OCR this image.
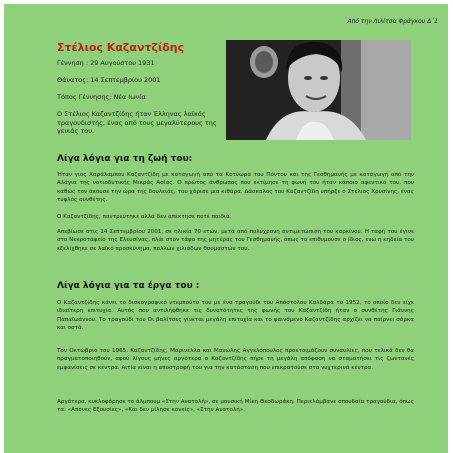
Από την Λιλίτσα Φράγκου Δ΄1
Στέλιος Καζαντζίδης
Γέννηση : 29 Αυγούστου 1931
Θάνατος: 14 Σεπτεμβρίου 2001
Τόπος Γέννησης: Νέα Ιωνία
Ο Στέλιος Καζαντζίδης ήταν Έλληνας λαϊκός τραγουδιστής, ένας από τους μεγαλύτερους της γενιάς του.
Λίγα λόγια για τη ζωή του:
Ήταν γιος Χαράλαμπου Καζαντζίδη με καταγωγή από τα Κοτύωρα του Πόντου και της Γεσθημανής με καταγωγή από την Αλάγια της νοτιοδυτικής Μικράς Ασίας. Ο πρώτος άνθρωπος που εκτίμησε τη φωνή του ήταν κάποιο αφεντικό του, που καθώς τον άκουσε την ώρα της δουλειάς, του χάρισε μια κιθάρα. Δάσκαλος του Καζαντζίδη υπήρξε ο Στέλιος Χρυσίνης, ένας τυφλός συνθέτης.
Ο Καζαντζίδης, παντρεύτηκε αλλά δεν απέκτησε ποτέ παιδιά.
Απεβίωσε στις 14 Σεπτεμβρίου 2001, σε ηλικία 70 ετών, μετά από πολύχρονη αντιμετώπιση του καρκίνου. Η ταφή του έγινε στο Νεκροταφείο της Ελευσίνας, πλάι στον τάφο της μητέρας του Γεσθημανής, όπως το επιθυμούσε ο ίδιος, ενώ η κηδεία του εξελίχθηκε σε λαϊκό προσκύνημα, πολλών χιλιάδων θαυμαστών του.
Λίγα λόγια για τα έργα του :
Ο Καζαντζίδης κάνει το δισκογραφικό ντεμπούτο του με ένα τραγούδι του Απόστολου Καλδάρα το 1952, το οποίο δεν είχε ιδιαίτερη επιτυχία. Αυτός που αντιλήφθηκε τις δυνατότητες της φωνής του Καζαντζίδη ήταν ο συνθέτης Γιάννης Παπαϊωάννου. Το τραγούδι του Οι βαλίτσες γίνεται μεγάλη επιτυχία και το φαινόμενο Καζαντζίδης αρχίζει να παίρνει σάρκα και οστά.
Τον Οκτώβριο του 1965, Καζαντζίδης, Μαρινέλλα και Μανώλης Αγγελόπουλος προετοιμάζουν συναυλίες, που τελικά δεν θα πραγματοποιηθούν, αφού λίγους μήνες αργότερα ο Καζαντζίδης πήρε τη μεγάλη απόφαση να σταματήσει τις ζωντανές εμφανίσεις σε κέντρα. Αιτία είναι η αποστροφή του για την κατάσταση που επικρατούσε στα νυχτερινά κέντρα.
Αργότερα, κυκλοφόρησε το άλμπουμ «Στην Ανατολή», σε μουσική Μίκη Θεοδωράκη. Περιελάμβανε σπουδαία τραγούδια, όπως τα: «Απονες Εξουσίες», «Και δεν μίλησε κανείς», «Στην Ανατολή».
